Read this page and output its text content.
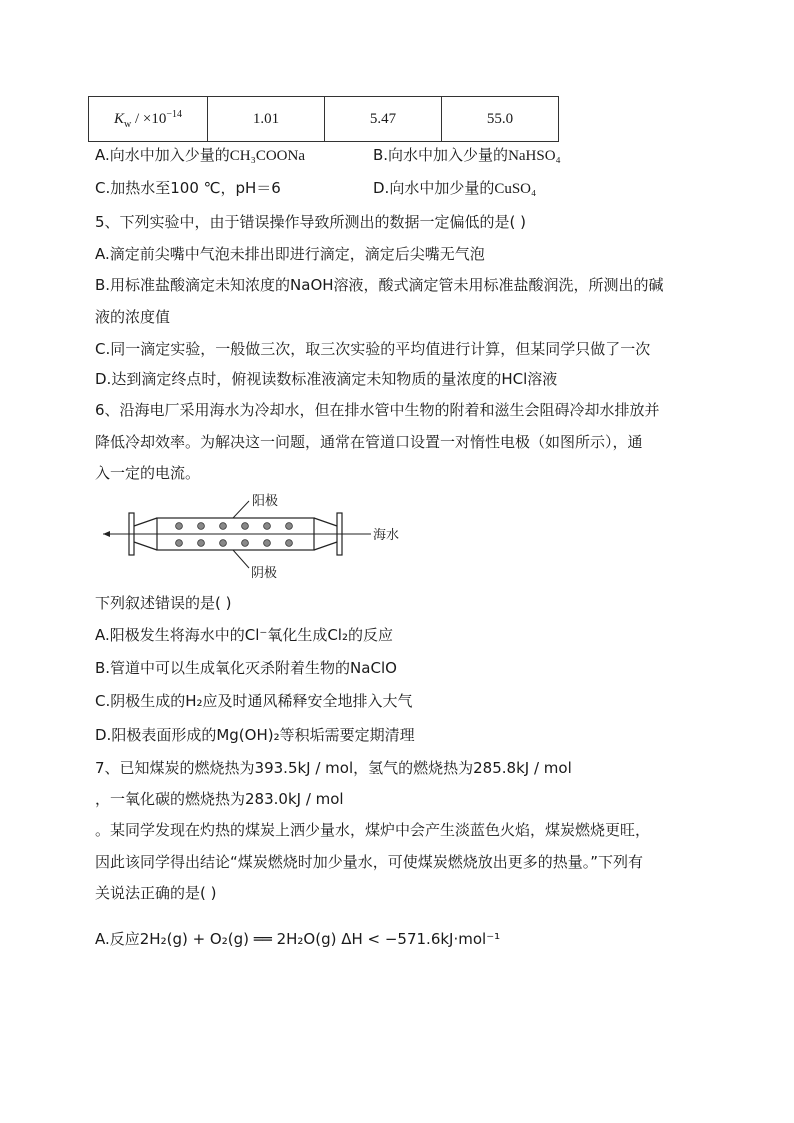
$K_w / \times 10^{-14}$	1.01	5.47	55.0
A.向水中加入少量的CH₃COONa	B.向水中加入少量的NaHSO₄
C.加热水至100 ℃，pH＝6	D.向水中加少量的CuSO₄
5、下列实验中，由于错误操作导致所测出的数据一定偏低的是( )
A.滴定前尖嘴中气泡未排出即进行滴定，滴定后尖嘴无气泡
B.用标准盐酸滴定未知浓度的NaOH溶液，酸式滴定管未用标准盐酸润洗，所测出的碱
液的浓度值
C.同一滴定实验，一般做三次，取三次实验的平均值进行计算，但某同学只做了一次
D.达到滴定终点时，俯视读数标准液滴定未知物质的量浓度的HCl溶液
6、沿海电厂采用海水为冷却水，但在排水管中生物的附着和滋生会阻碍冷却水排放并
降低冷却效率。为解决这一问题，通常在管道口设置一对惰性电极（如图所示），通
入一定的电流。
阳极
阴极
海水
下列叙述错误的是( )
A.阳极发生将海水中的Cl⁻氧化生成Cl₂的反应
B.管道中可以生成氧化灭杀附着生物的NaClO
C.阴极生成的H₂应及时通风稀释安全地排入大气
D.阳极表面形成的Mg(OH)₂等积垢需要定期清理
7、已知煤炭的燃烧热为393.5kJ / mol，氢气的燃烧热为285.8kJ / mol
，一氧化碳的燃烧热为283.0kJ / mol
。某同学发现在灼热的煤炭上洒少量水，煤炉中会产生淡蓝色火焰，煤炭燃烧更旺，
因此该同学得出结论“煤炭燃烧时加少量水，可使煤炭燃烧放出更多的热量。”下列有
关说法正确的是( )
A.反应2H₂(g) + O₂(g) ══ 2H₂O(g) ΔH < −571.6kJ·mol⁻¹
